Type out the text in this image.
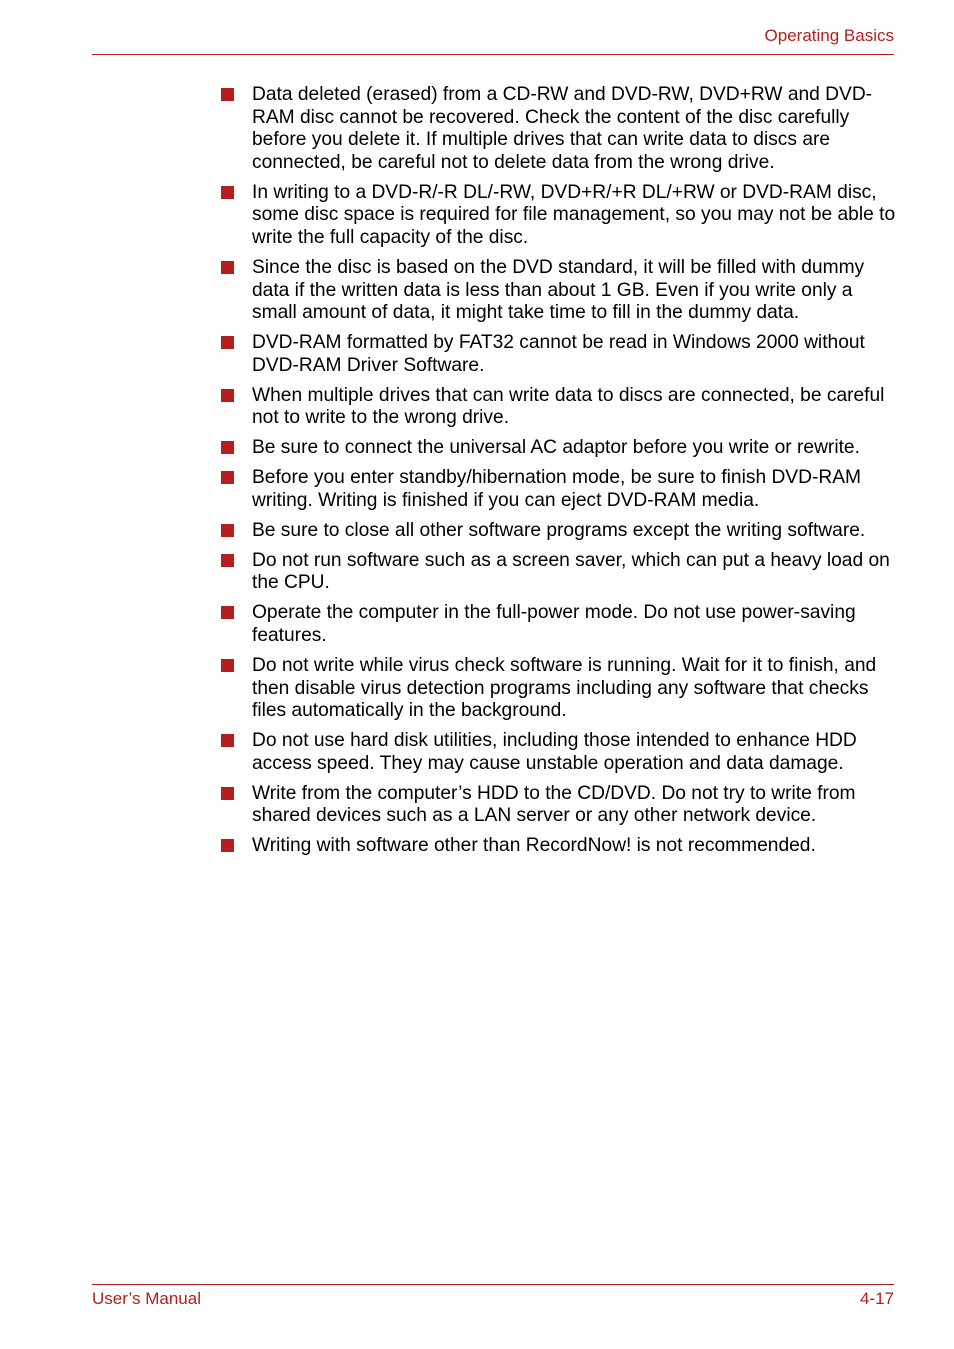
Operating Basics
Data deleted (erased) from a CD-RW and DVD-RW, DVD+RW and DVD-RAM disc cannot be recovered. Check the content of the disc carefully before you delete it. If multiple drives that can write data to discs are connected, be careful not to delete data from the wrong drive.
In writing to a DVD-R/-R DL/-RW, DVD+R/+R DL/+RW or DVD-RAM disc, some disc space is required for file management, so you may not be able to write the full capacity of the disc.
Since the disc is based on the DVD standard, it will be filled with dummy data if the written data is less than about 1 GB. Even if you write only a small amount of data, it might take time to fill in the dummy data.
DVD-RAM formatted by FAT32 cannot be read in Windows 2000 without DVD-RAM Driver Software.
When multiple drives that can write data to discs are connected, be careful not to write to the wrong drive.
Be sure to connect the universal AC adaptor before you write or rewrite.
Before you enter standby/hibernation mode, be sure to finish DVD-RAM writing. Writing is finished if you can eject DVD-RAM media.
Be sure to close all other software programs except the writing software.
Do not run software such as a screen saver, which can put a heavy load on the CPU.
Operate the computer in the full-power mode. Do not use power-saving features.
Do not write while virus check software is running. Wait for it to finish, and then disable virus detection programs including any software that checks files automatically in the background.
Do not use hard disk utilities, including those intended to enhance HDD access speed. They may cause unstable operation and data damage.
Write from the computer’s HDD to the CD/DVD. Do not try to write from shared devices such as a LAN server or any other network device.
Writing with software other than RecordNow! is not recommended.
User’s Manual	4-17
